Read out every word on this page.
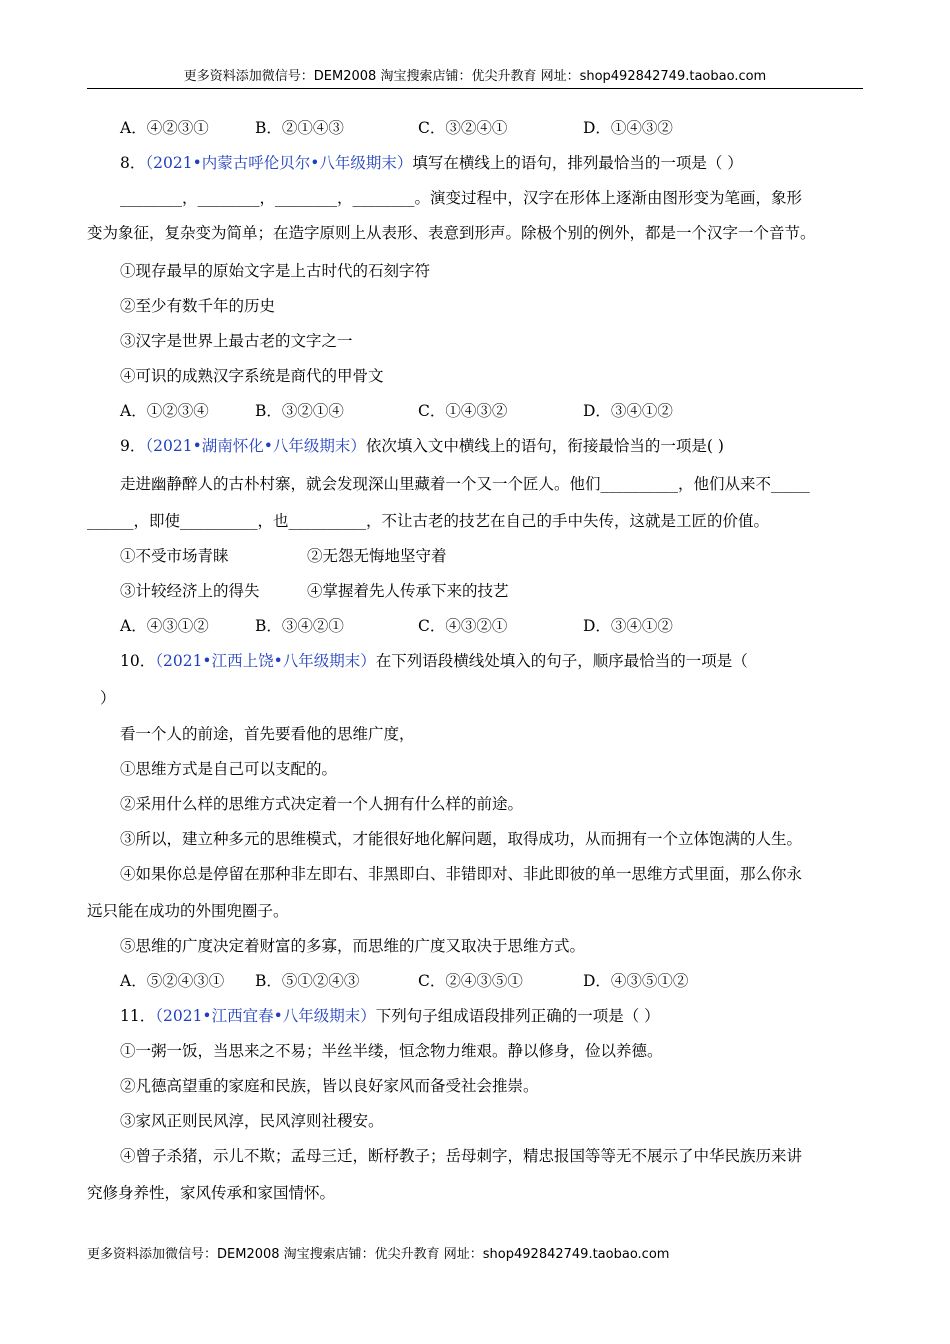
更多资料添加微信号：DEM2008 淘宝搜索店铺：优尖升教育 网址：shop492842749.taobao.com
A．④②③①	B．②①④③	C．③②④①	D．①④③②
8．（2021•内蒙古呼伦贝尔•八年级期末）填写在横线上的语句，排列最恰当的一项是（ ）
________，________，________，________。演变过程中，汉字在形体上逐渐由图形变为笔画，象形
变为象征，复杂变为简单；在造字原则上从表形、表意到形声。除极个别的例外，都是一个汉字一个音节。
①现存最早的原始文字是上古时代的石刻字符
②至少有数千年的历史
③汉字是世界上最古老的文字之一
④可识的成熟汉字系统是商代的甲骨文
A．①②③④	B．③②①④	C．①④③②	D．③④①②
9．（2021•湖南怀化•八年级期末）依次填入文中横线上的语句，衔接最恰当的一项是( )
走进幽静醉人的古朴村寨，就会发现深山里藏着一个又一个匠人。他们__________，他们从来不_____
______，即使__________，也__________，不让古老的技艺在自己的手中失传，这就是工匠的价值。
①不受市场青睐	②无怨无悔地坚守着
③计较经济上的得失	④掌握着先人传承下来的技艺
A．④③①②	B．③④②①	C．④③②①	D．③④①②
10．（2021•江西上饶•八年级期末）在下列语段横线处填入的句子，顺序最恰当的一项是（
）
看一个人的前途，首先要看他的思维广度，
①思维方式是自己可以支配的。
②采用什么样的思维方式决定着一个人拥有什么样的前途。
③所以，建立种多元的思维模式，才能很好地化解问题，取得成功，从而拥有一个立体饱满的人生。
④如果你总是停留在那种非左即右、非黑即白、非错即对、非此即彼的单一思维方式里面，那么你永
远只能在成功的外围兜圈子。
⑤思维的广度决定着财富的多寡，而思维的广度又取决于思维方式。
A．⑤②④③① B．⑤①②④③	C．②④③⑤①	D．④③⑤①②
11．（2021•江西宜春•八年级期末）下列句子组成语段排列正确的一项是（ ）
①一粥一饭，当思来之不易；半丝半缕，恒念物力维艰。静以修身，俭以养德。
②凡德高望重的家庭和民族，皆以良好家风而备受社会推崇。
③家风正则民风淳，民风淳则社稷安。
④曾子杀猪，示儿不欺；孟母三迁，断杼教子；岳母刺字，精忠报国等等无不展示了中华民族历来讲
究修身养性，家风传承和家国情怀。
更多资料添加微信号：DEM2008 淘宝搜索店铺：优尖升教育 网址：shop492842749.taobao.com
